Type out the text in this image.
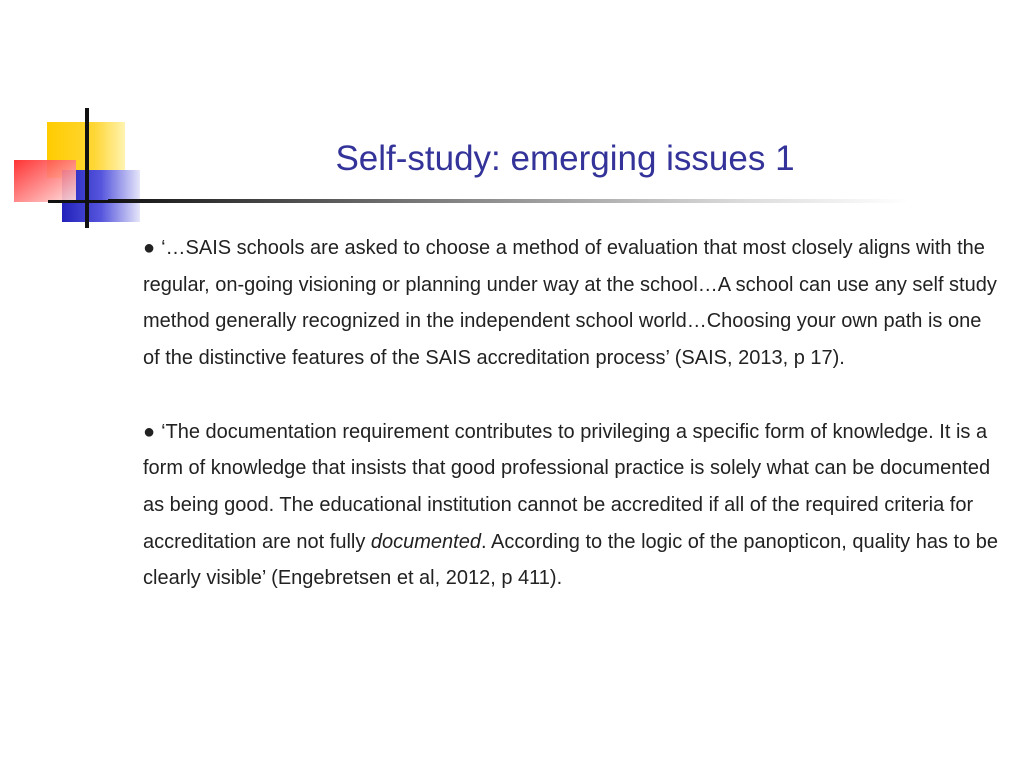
Self-study: emerging issues 1

● ‘…SAIS schools are asked to choose a method of evaluation that most closely aligns with the regular, on-going visioning or planning under way at the school…A school can use any self study method generally recognized in the independent school world…Choosing your own path is one of the distinctive features of the SAIS accreditation process’ (SAIS, 2013, p 17).

● ‘The documentation requirement contributes to privileging a specific form of knowledge. It is a form of knowledge that insists that good professional practice is solely what can be documented as being good. The educational institution cannot be accredited if all of the required criteria for accreditation are not fully documented. According to the logic of the panopticon, quality has to be clearly visible’ (Engebretsen et al, 2012, p 411).
